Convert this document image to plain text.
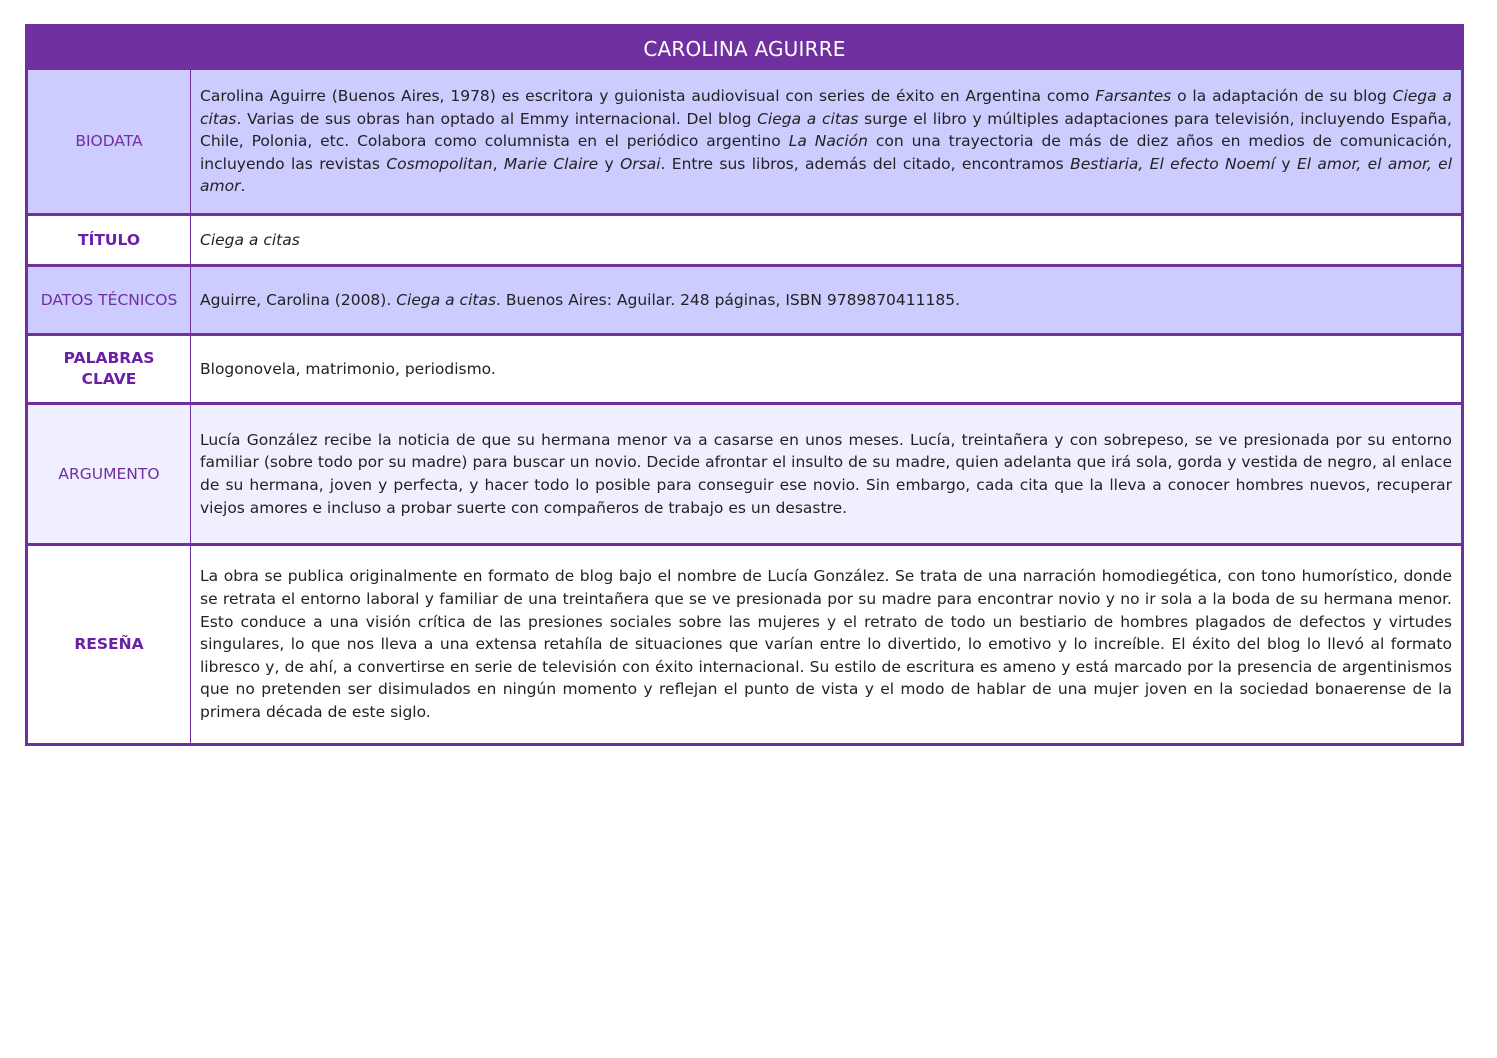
CAROLINA AGUIRRE
BIODATA

Carolina Aguirre (Buenos Aires, 1978) es escritora y guionista audiovisual con series de éxito en Argentina como Farsantes o la adaptación de su blog Ciega a citas. Varias de sus obras han optado al Emmy internacional. Del blog Ciega a citas surge el libro y múltiples adaptaciones para televisión, incluyendo España, Chile, Polonia, etc. Colabora como columnista en el periódico argentino La Nación con una trayectoria de más de diez años en medios de comunicación, incluyendo las revistas Cosmopolitan, Marie Claire y Orsai. Entre sus libros, además del citado, encontramos Bestiaria, El efecto Noemí y El amor, el amor, el amor.

TÍTULO	Ciega a citas

DATOS TÉCNICOS	Aguirre, Carolina (2008). Ciega a citas. Buenos Aires: Aguilar. 248 páginas, ISBN 9789870411185.

PALABRAS CLAVE

Blogonovela, matrimonio, periodismo.

ARGUMENTO

Lucía González recibe la noticia de que su hermana menor va a casarse en unos meses. Lucía, treintañera y con sobrepeso, se ve presionada por su entorno familiar (sobre todo por su madre) para buscar un novio. Decide afrontar el insulto de su madre, quien adelanta que irá sola, gorda y vestida de negro, al enlace de su hermana, joven y perfecta, y hacer todo lo posible para conseguir ese novio. Sin embargo, cada cita que la lleva a conocer hombres nuevos, recuperar viejos amores e incluso a probar suerte con compañeros de trabajo es un desastre.

RESEÑA

La obra se publica originalmente en formato de blog bajo el nombre de Lucía González. Se trata de una narración homodiegética, con tono humorístico, donde se retrata el entorno laboral y familiar de una treintañera que se ve presionada por su madre para encontrar novio y no ir sola a la boda de su hermana menor. Esto conduce a una visión crítica de las presiones sociales sobre las mujeres y el retrato de todo un bestiario de hombres plagados de defectos y virtudes singulares, lo que nos lleva a una extensa retahíla de situaciones que varían entre lo divertido, lo emotivo y lo increíble. El éxito del blog lo llevó al formato libresco y, de ahí, a convertirse en serie de televisión con éxito internacional. Su estilo de escritura es ameno y está marcado por la presencia de argentinismos que no pretenden ser disimulados en ningún momento y reflejan el punto de vista y el modo de hablar de una mujer joven en la sociedad bonaerense de la primera década de este siglo.
